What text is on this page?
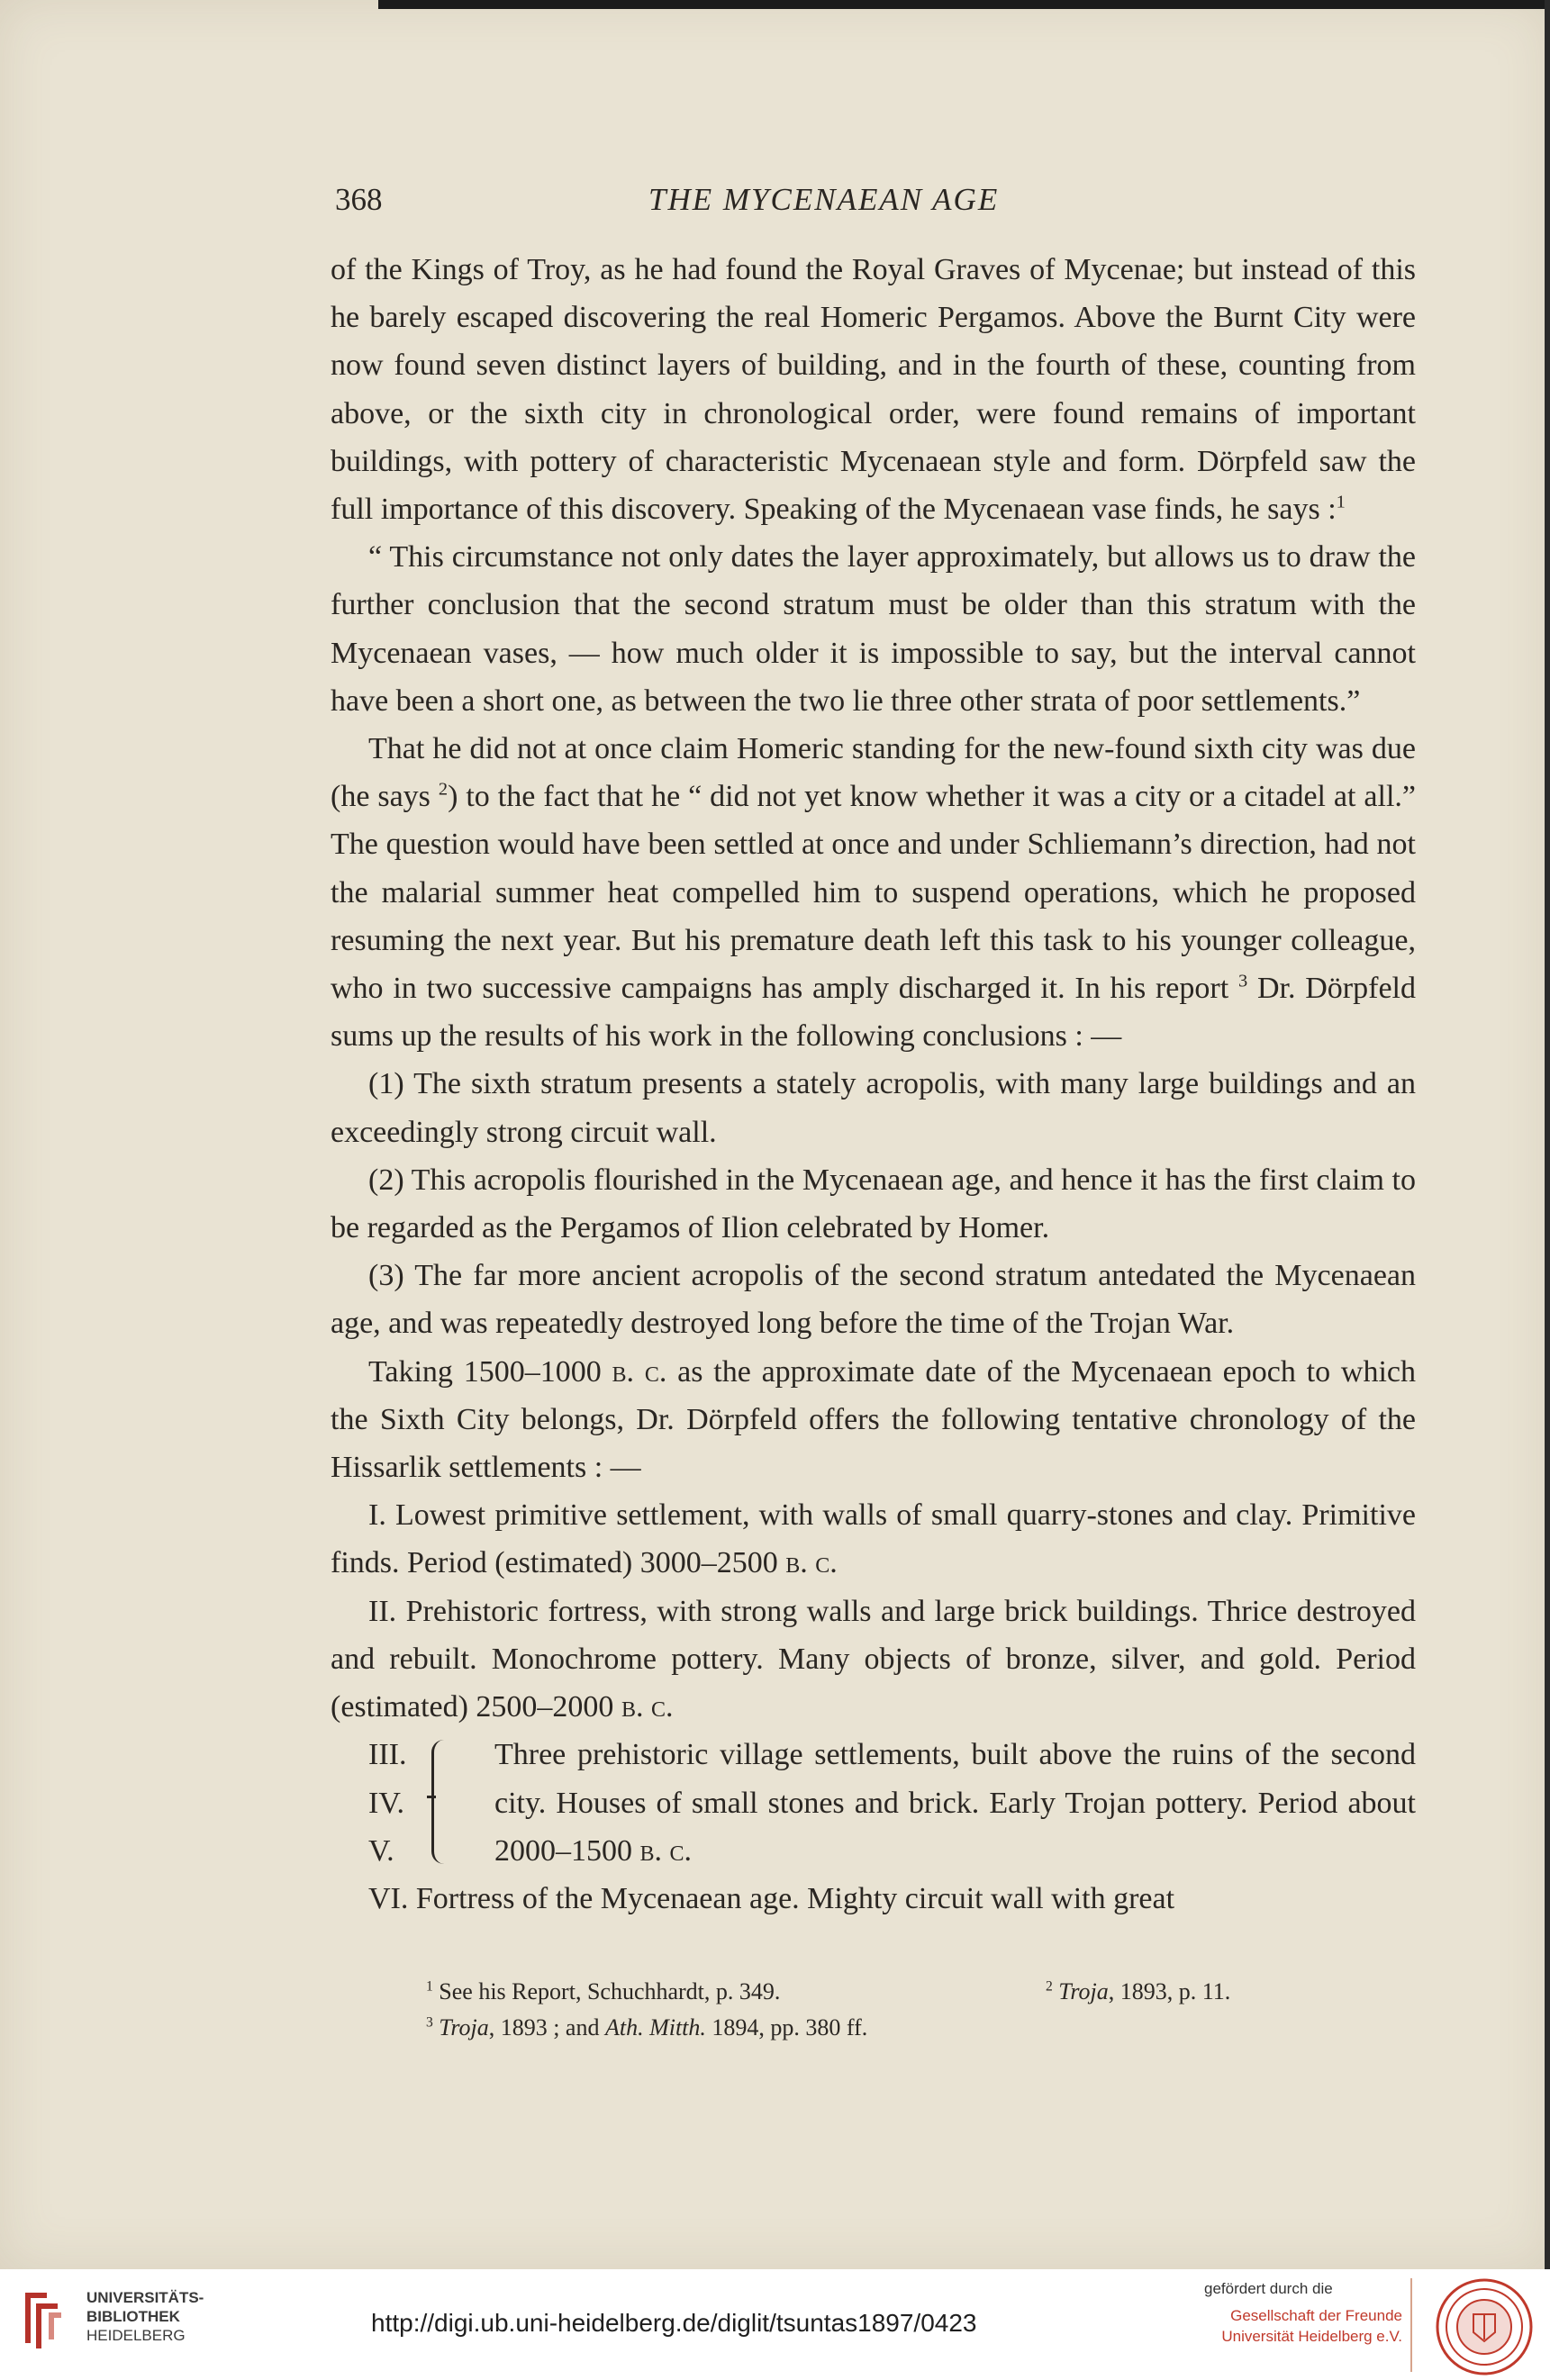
368	THE MYCENAEAN AGE

of the Kings of Troy, as he had found the Royal Graves of Mycenae; but instead of this he barely escaped discovering the real Homeric Pergamos. Above the Burnt City were now found seven distinct layers of building, and in the fourth of these, counting from above, or the sixth city in chronological order, were found remains of important buildings, with pottery of characteristic Mycenaean style and form. Dörpfeld saw the full importance of this discovery. Speaking of the Mycenaean vase finds, he says :$^1$

“ This circumstance not only dates the layer approximately, but allows us to draw the further conclusion that the second stratum must be older than this stratum with the Mycenaean vases, — how much older it is impossible to say, but the interval cannot have been a short one, as between the two lie three other strata of poor settlements.”

That he did not at once claim Homeric standing for the new-found sixth city was due (he says $^2$) to the fact that he “ did not yet know whether it was a city or a citadel at all.” The question would have been settled at once and under Schliemann’s direction, had not the malarial summer heat compelled him to suspend operations, which he proposed resuming the next year. But his premature death left this task to his younger colleague, who in two successive campaigns has amply discharged it. In his report $^3$ Dr. Dörpfeld sums up the results of his work in the following conclusions : —

(1) The sixth stratum presents a stately acropolis, with many large buildings and an exceedingly strong circuit wall.

(2) This acropolis flourished in the Mycenaean age, and hence it has the first claim to be regarded as the Pergamos of Ilion celebrated by Homer.

(3) The far more ancient acropolis of the second stratum antedated the Mycenaean age, and was repeatedly destroyed long before the time of the Trojan War.

Taking 1500–1000 b. c. as the approximate date of the Mycenaean epoch to which the Sixth City belongs, Dr. Dörpfeld offers the following tentative chronology of the Hissarlik settlements : —

I. Lowest primitive settlement, with walls of small quarry-stones and clay. Primitive finds. Period (estimated) 3000–2500 b. c.

II. Prehistoric fortress, with strong walls and large brick buildings. Thrice destroyed and rebuilt. Monochrome pottery. Many objects of bronze, silver, and gold. Period (estimated) 2500–2000 b. c.

III.
IV.
V.
Three prehistoric village settlements, built above the ruins of the second city. Houses of small stones and brick. Early Trojan pottery. Period about 2000–1500 b. c.

VI. Fortress of the Mycenaean age. Mighty circuit wall with great

$^1$ See his Report, Schuchhardt, p. 349.	$^2$ Troja, 1893, p. 11.
$^3$ Troja, 1893 ; and Ath. Mitth. 1894, pp. 380 ff.
UNIVERSITÄTS-
BIBLIOTHEK
HEIDELBERG	http://digi.ub.uni-heidelberg.de/diglit/tsuntas1897/0423
gefördert durch die
Gesellschaft der Freunde
Universität Heidelberg e.V.
